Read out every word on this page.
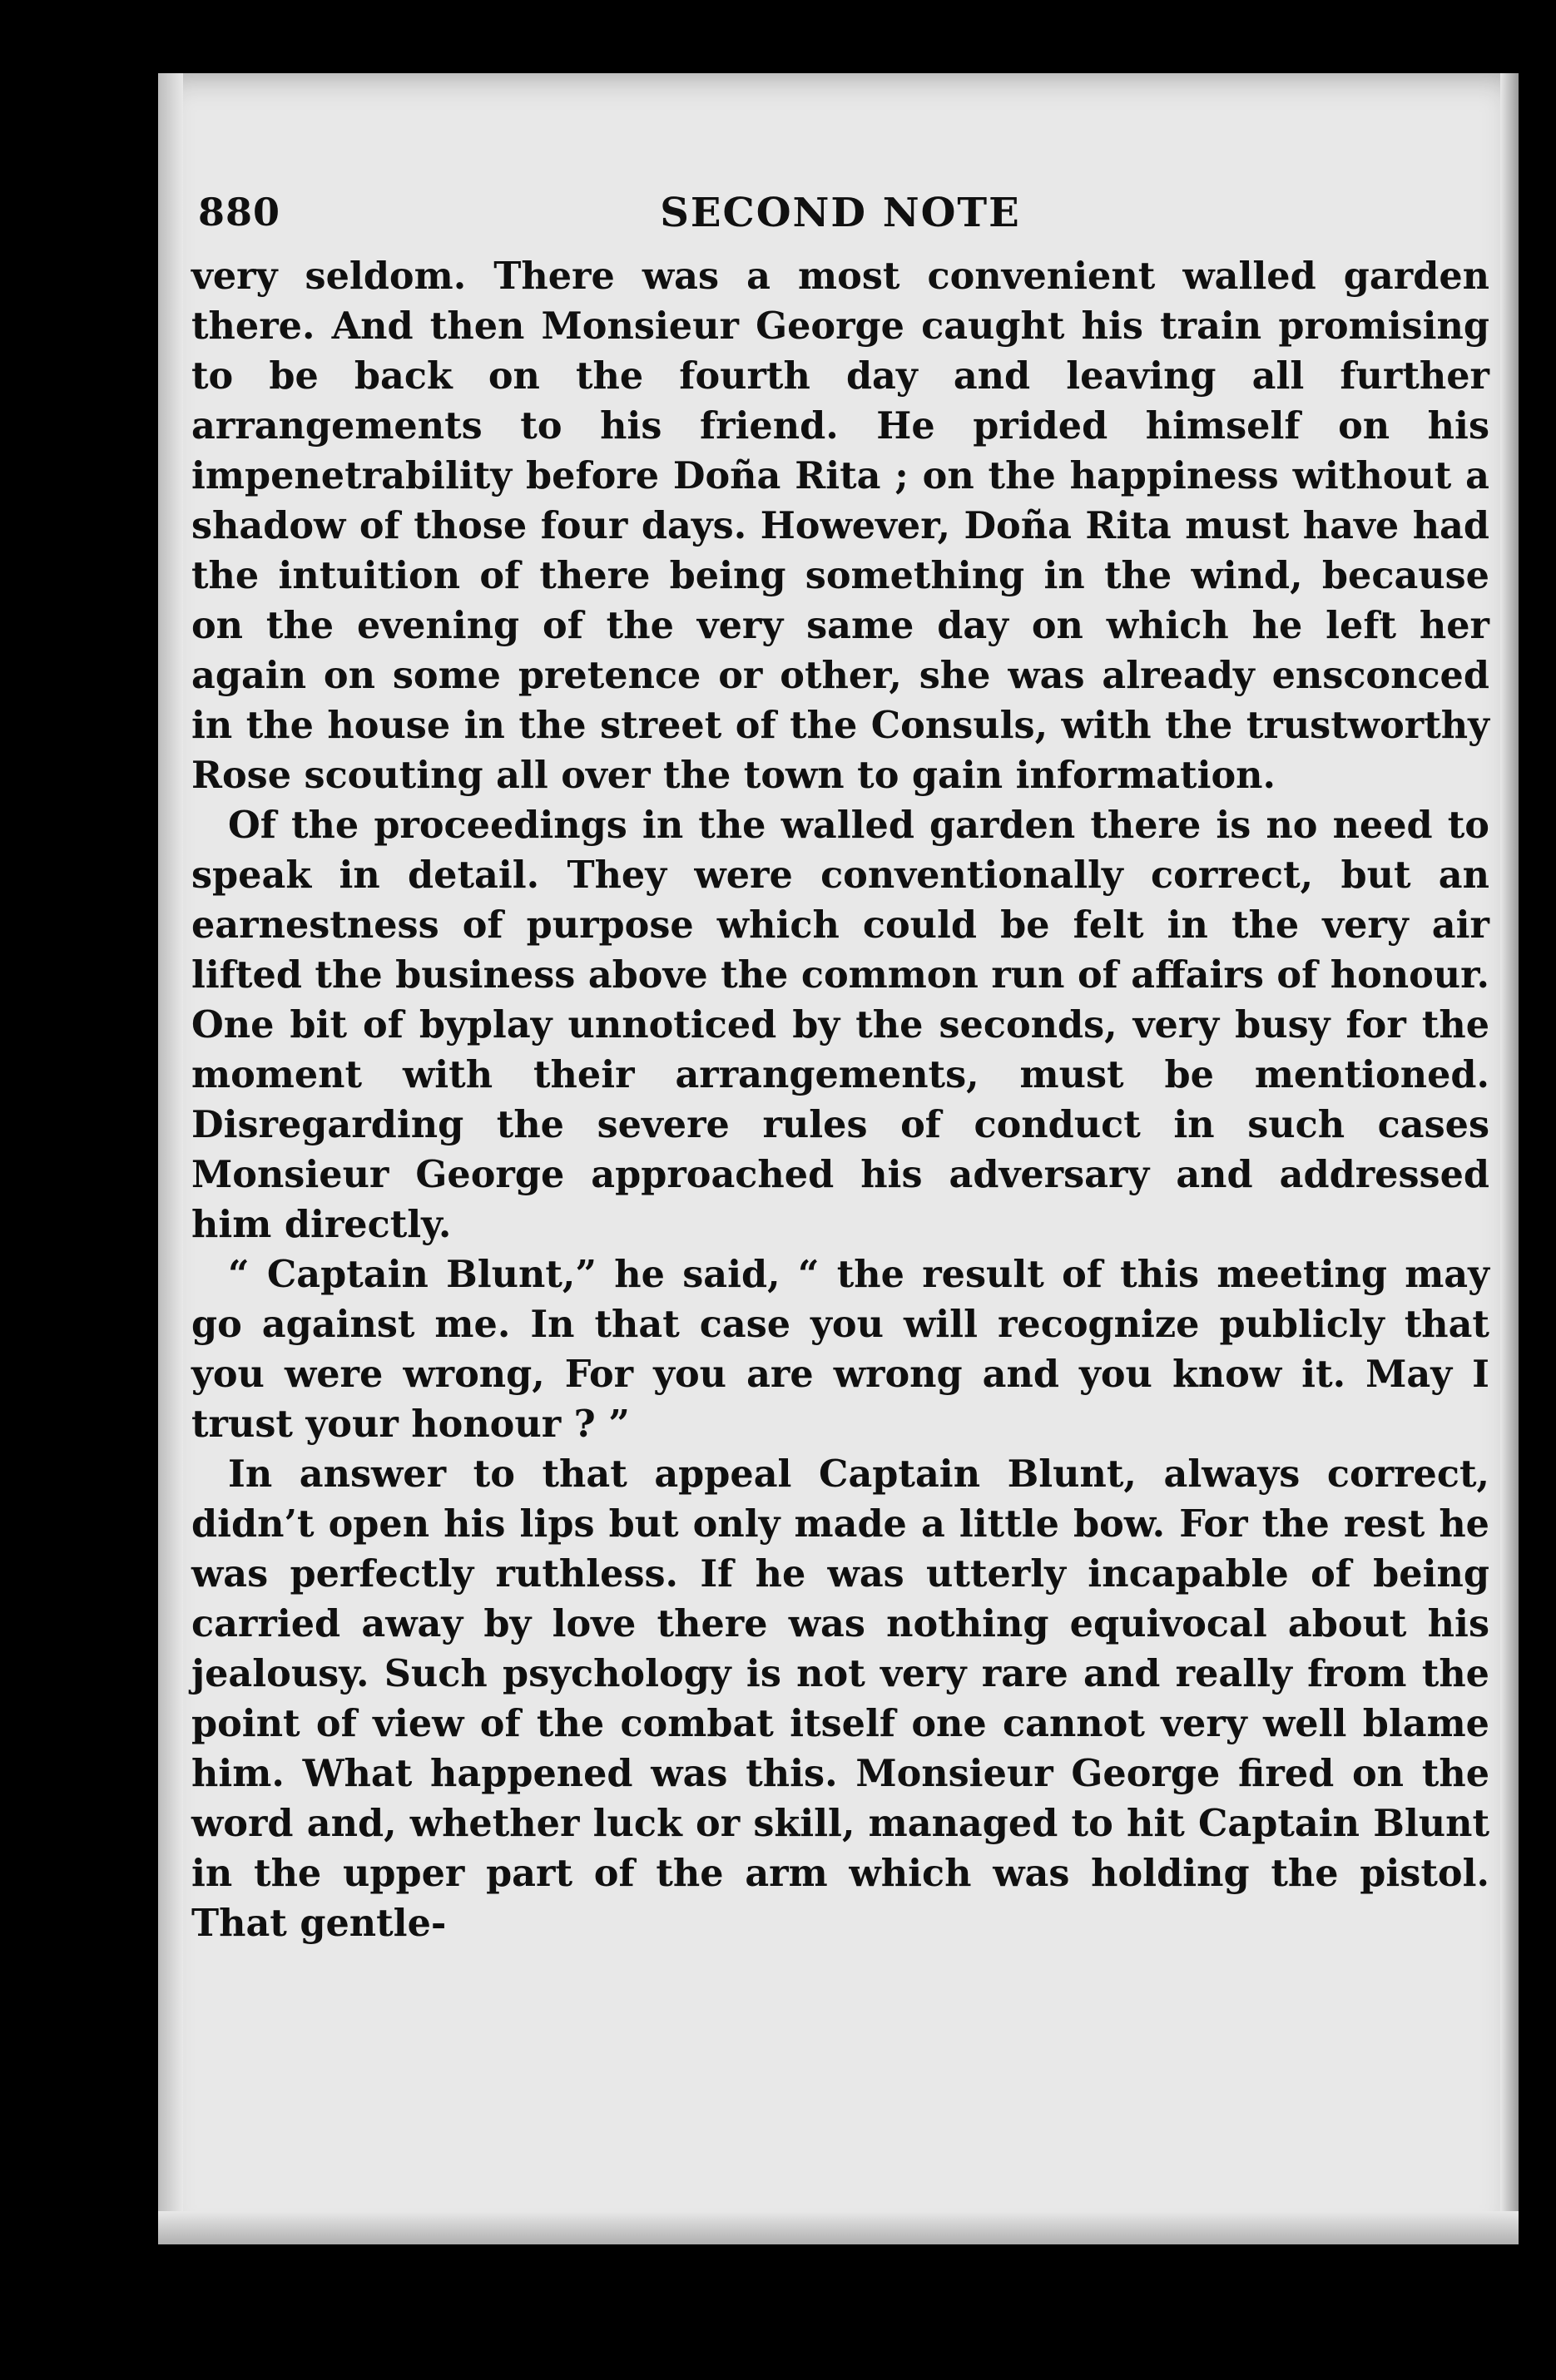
880	SECOND NOTE

very seldom. There was a most convenient walled garden there. And then Monsieur George caught his train promising to be back on the fourth day and leaving all further arrangements to his friend. He prided himself on his impenetrability before Doña Rita ; on the happiness without a shadow of those four days. However, Doña Rita must have had the intuition of there being something in the wind, because on the evening of the very same day on which he left her again on some pretence or other, she was already ensconced in the house in the street of the Consuls, with the trustworthy Rose scouting all over the town to gain information.

Of the proceedings in the walled garden there is no need to speak in detail. They were conventionally correct, but an earnestness of purpose which could be felt in the very air lifted the business above the common run of affairs of honour. One bit of byplay unnoticed by the seconds, very busy for the moment with their arrangements, must be mentioned. Disregarding the severe rules of conduct in such cases Monsieur George approached his adversary and addressed him directly.

“ Captain Blunt,” he said, “ the result of this meeting may go against me. In that case you will recognize publicly that you were wrong, For you are wrong and you know it. May I trust your honour ? ”

In answer to that appeal Captain Blunt, always correct, didn’t open his lips but only made a little bow. For the rest he was perfectly ruthless. If he was utterly incapable of being carried away by love there was nothing equivocal about his jealousy. Such psychology is not very rare and really from the point of view of the combat itself one cannot very well blame him. What happened was this. Monsieur George fired on the word and, whether luck or skill, managed to hit Captain Blunt in the upper part of the arm which was holding the pistol. That gentle-
